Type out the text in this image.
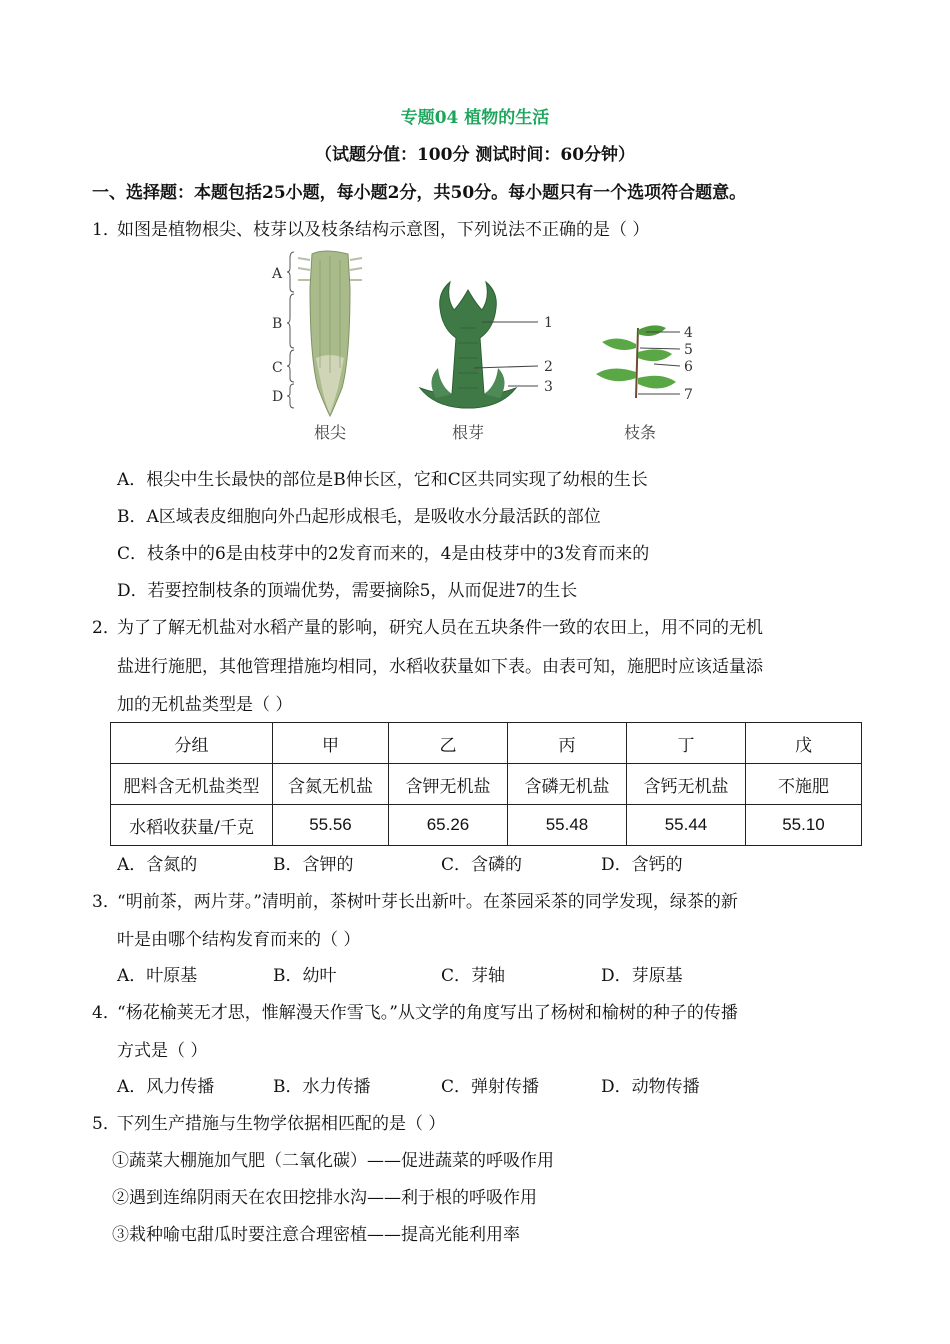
专题04 植物的生活
（试题分值：100分 测试时间：60分钟）
一、选择题：本题包括25小题，每小题2分，共50分。每小题只有一个选项符合题意。
1．如图是植物根尖、枝芽以及枝条结构示意图，下列说法不正确的是（ ）
A
B
C
D
根尖
1
2
3
根芽
4
5
6
7
枝条
A．根尖中生长最快的部位是B伸长区，它和C区共同实现了幼根的生长
B．A区域表皮细胞向外凸起形成根毛，是吸收水分最活跃的部位
C．枝条中的6是由枝芽中的2发育而来的，4是由枝芽中的3发育而来的
D．若要控制枝条的顶端优势，需要摘除5，从而促进7的生长
2．为了了解无机盐对水稻产量的影响，研究人员在五块条件一致的农田上，用不同的无机
盐进行施肥，其他管理措施均相同，水稻收获量如下表。由表可知，施肥时应该适量添
加的无机盐类型是（ ）
分组	甲	乙	丙	丁	戊
肥料含无机盐类型	含氮无机盐	含钾无机盐	含磷无机盐	含钙无机盐	不施肥
水稻收获量/千克	55.56	65.26	55.48	55.44	55.10
A．含氮的	B．含钾的	C．含磷的	D．含钙的
3．“明前茶，两片芽。”清明前，茶树叶芽长出新叶。在茶园采茶的同学发现，绿茶的新
叶是由哪个结构发育而来的（ ）
A．叶原基	B．幼叶	C．芽轴	D．芽原基
4．“杨花榆荚无才思，惟解漫天作雪飞。”从文学的角度写出了杨树和榆树的种子的传播
方式是（ ）
A．风力传播	B．水力传播	C．弹射传播	D．动物传播
5．下列生产措施与生物学依据相匹配的是（ ）
①蔬菜大棚施加气肥（二氧化碳）——促进蔬菜的呼吸作用
②遇到连绵阴雨天在农田挖排水沟——利于根的呼吸作用
③栽种喻屯甜瓜时要注意合理密植——提高光能利用率
